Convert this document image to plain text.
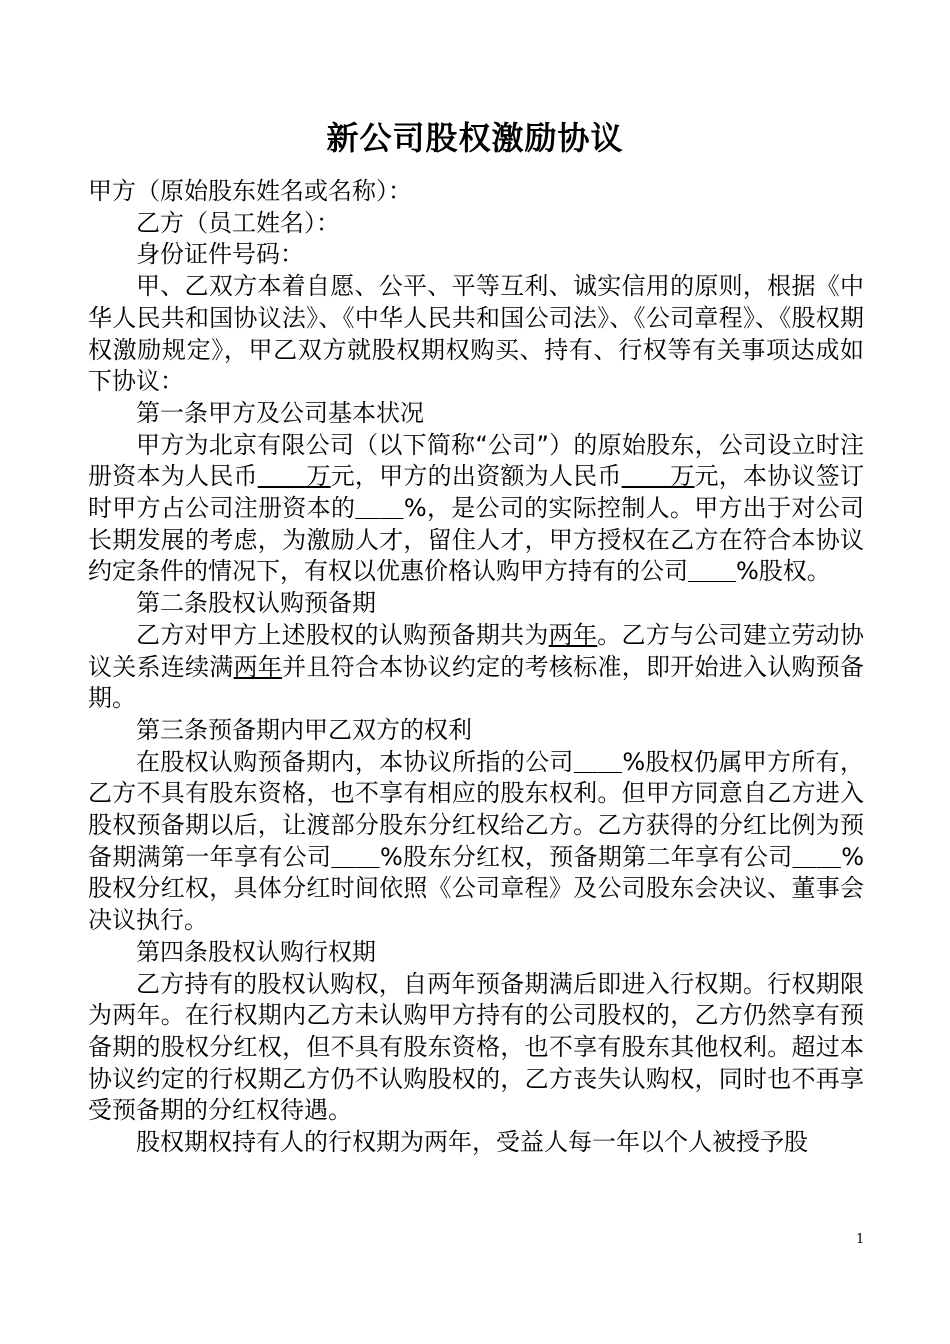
新公司股权激励协议

甲方（原始股东姓名或名称）：

乙方（员工姓名）：

身份证件号码：

甲、乙双方本着自愿、公平、平等互利、诚实信用的原则，根据《中华人民共和国协议法》、《中华人民共和国公司法》、《公司章程》、《股权期权激励规定》，甲乙双方就股权期权购买、持有、行权等有关事项达成如下协议：

第一条甲方及公司基本状况

甲方为北京有限公司（以下简称“公司”）的原始股东，公司设立时注册资本为人民币＿＿万元，甲方的出资额为人民币＿＿万元，本协议签订时甲方占公司注册资本的＿＿%，是公司的实际控制人。甲方出于对公司长期发展的考虑，为激励人才，留住人才，甲方授权在乙方在符合本协议约定条件的情况下，有权以优惠价格认购甲方持有的公司＿＿%股权。

第二条股权认购预备期

乙方对甲方上述股权的认购预备期共为两年。乙方与公司建立劳动协议关系连续满两年并且符合本协议约定的考核标准，即开始进入认购预备期。

第三条预备期内甲乙双方的权利

在股权认购预备期内，本协议所指的公司＿＿%股权仍属甲方所有，乙方不具有股东资格，也不享有相应的股东权利。但甲方同意自乙方进入股权预备期以后，让渡部分股东分红权给乙方。乙方获得的分红比例为预备期满第一年享有公司＿＿%股东分红权，预备期第二年享有公司＿＿%股权分红权，具体分红时间依照《公司章程》及公司股东会决议、董事会决议执行。

第四条股权认购行权期

乙方持有的股权认购权，自两年预备期满后即进入行权期。行权期限为两年。在行权期内乙方未认购甲方持有的公司股权的，乙方仍然享有预备期的股权分红权，但不具有股东资格，也不享有股东其他权利。超过本协议约定的行权期乙方仍不认购股权的，乙方丧失认购权，同时也不再享受预备期的分红权待遇。

股权期权持有人的行权期为两年，受益人每一年以个人被授予股

1
